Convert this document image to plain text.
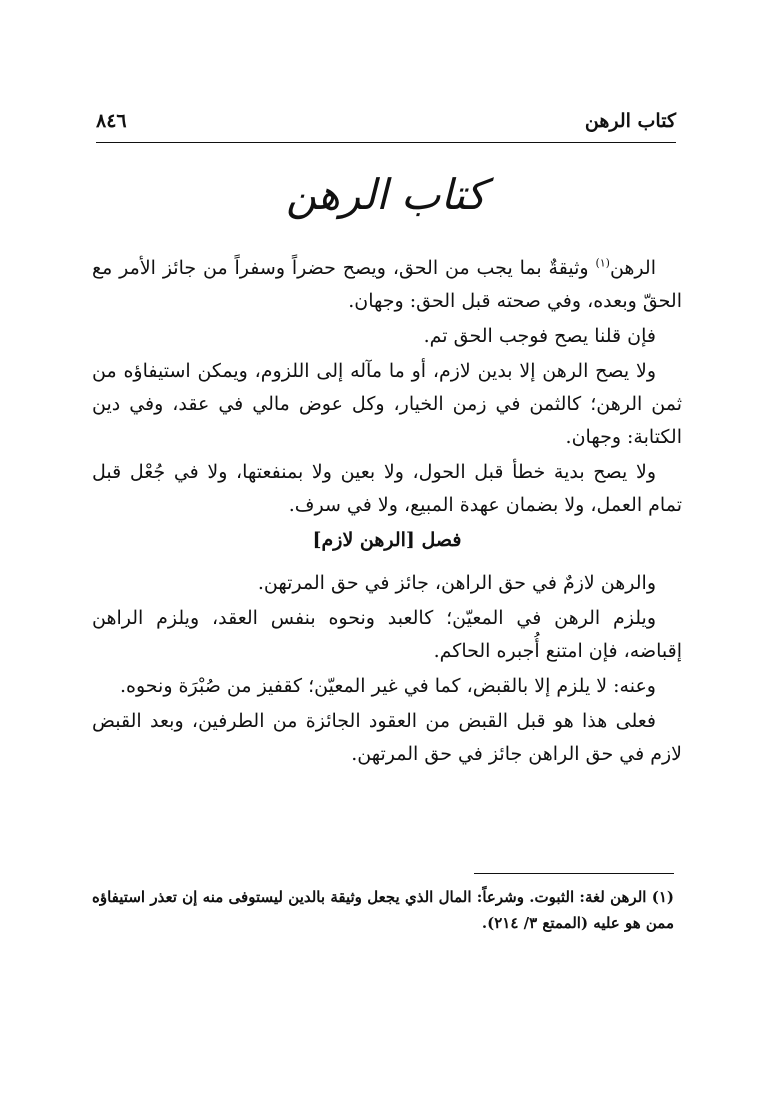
كتاب الرهن
٨٤٦
كتاب الرهن

الرهن$^{(١)}$ وثيقةٌ بما يجب من الحق، ويصح حضراً وسفراً من جائز الأمر مع الحقّ وبعده، وفي صحته قبل الحق: وجهان.

فإن قلنا يصح فوجب الحق تم.

ولا يصح الرهن إلا بدين لازم، أو ما مآله إلى اللزوم، ويمكن استيفاؤه من ثمن الرهن؛ كالثمن في زمن الخيار، وكل عوض مالي في عقد، وفي دين الكتابة: وجهان.

ولا يصح بدية خطأ قبل الحول، ولا بعين ولا بمنفعتها، ولا في جُعْل قبل تمام العمل، ولا بضمان عهدة المبيع، ولا في سرف.

فصل [الرهن لازم]

والرهن لازمٌ في حق الراهن، جائز في حق المرتهن.

ويلزم الرهن في المعيّن؛ كالعبد ونحوه بنفس العقد، ويلزم الراهن إقباضه، فإن امتنع أُجبره الحاكم.

وعنه: لا يلزم إلا بالقبض، كما في غير المعيّن؛ كقفيز من صُبْرَة ونحوه.

فعلى هذا هو قبل القبض من العقود الجائزة من الطرفين، وبعد القبض لازم في حق الراهن جائز في حق المرتهن.

(١) الرهن لغة: الثبوت. وشرعاً: المال الذي يجعل وثيقة بالدين ليستوفى منه إن تعذر استيفاؤه ممن هو عليه (الممتع ٣/ ٢١٤).
